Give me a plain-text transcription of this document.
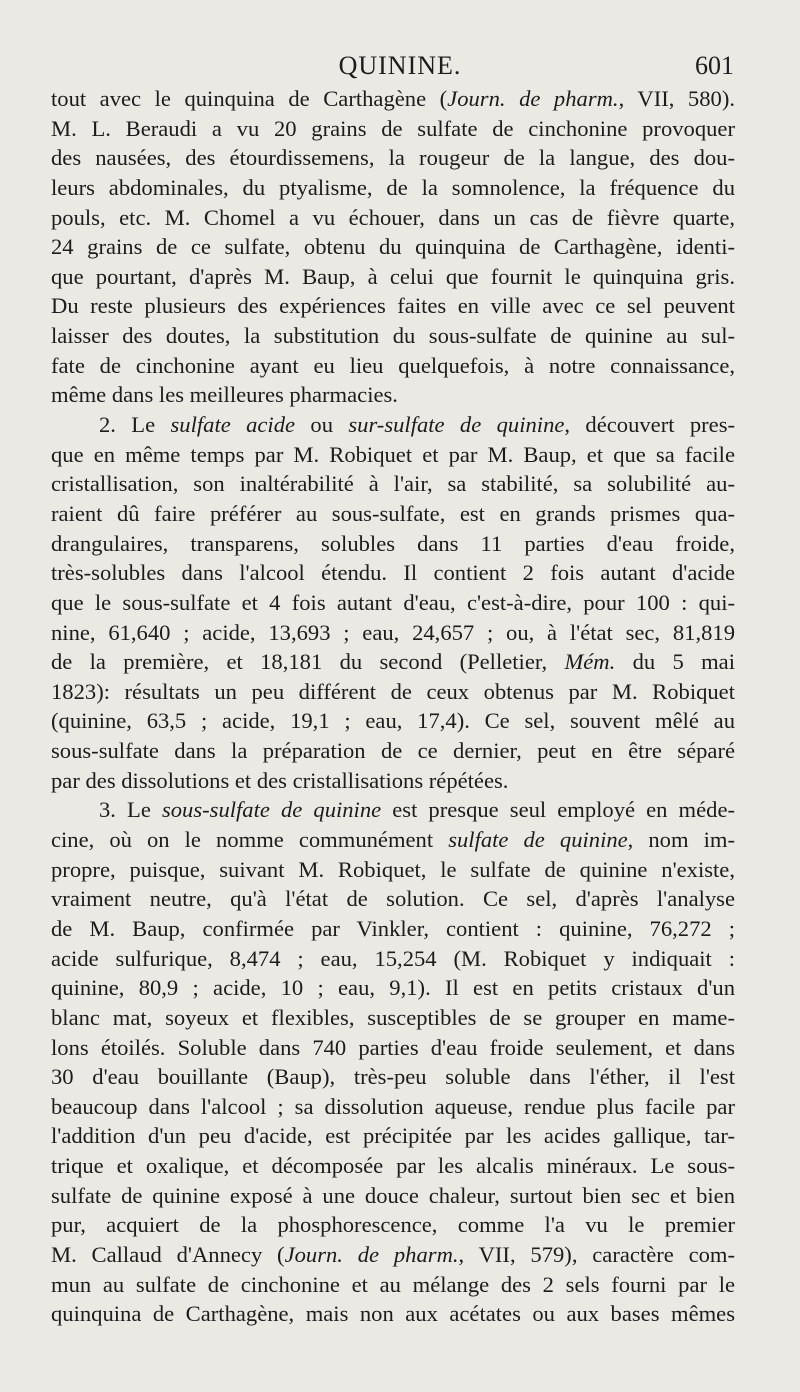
QUININE.	601
tout avec le quinquina de Carthagène (Journ. de pharm., VII, 580).
M. L. Beraudi a vu 20 grains de sulfate de cinchonine provoquer
des nausées, des étourdissemens, la rougeur de la langue, des dou-
leurs abdominales, du ptyalisme, de la somnolence, la fréquence du
pouls, etc. M. Chomel a vu échouer, dans un cas de fièvre quarte,
24 grains de ce sulfate, obtenu du quinquina de Carthagène, identi-
que pourtant, d'après M. Baup, à celui que fournit le quinquina gris.
Du reste plusieurs des expériences faites en ville avec ce sel peuvent
laisser des doutes, la substitution du sous-sulfate de quinine au sul-
fate de cinchonine ayant eu lieu quelquefois, à notre connaissance,
même dans les meilleures pharmacies.
2. Le sulfate acide ou sur-sulfate de quinine, découvert pres-
que en même temps par M. Robiquet et par M. Baup, et que sa facile
cristallisation, son inaltérabilité à l'air, sa stabilité, sa solubilité au-
raient dû faire préférer au sous-sulfate, est en grands prismes qua-
drangulaires, transparens, solubles dans 11 parties d'eau froide,
très-solubles dans l'alcool étendu. Il contient 2 fois autant d'acide
que le sous-sulfate et 4 fois autant d'eau, c'est-à-dire, pour 100 : qui-
nine, 61,640 ; acide, 13,693 ; eau, 24,657 ; ou, à l'état sec, 81,819
de la première, et 18,181 du second (Pelletier, Mém. du 5 mai
1823): résultats un peu différent de ceux obtenus par M. Robiquet
(quinine, 63,5 ; acide, 19,1 ; eau, 17,4). Ce sel, souvent mêlé au
sous-sulfate dans la préparation de ce dernier, peut en être séparé
par des dissolutions et des cristallisations répétées.
3. Le sous-sulfate de quinine est presque seul employé en méde-
cine, où on le nomme communément sulfate de quinine, nom im-
propre, puisque, suivant M. Robiquet, le sulfate de quinine n'existe,
vraiment neutre, qu'à l'état de solution. Ce sel, d'après l'analyse
de M. Baup, confirmée par Vinkler, contient : quinine, 76,272 ;
acide sulfurique, 8,474 ; eau, 15,254 (M. Robiquet y indiquait :
quinine, 80,9 ; acide, 10 ; eau, 9,1). Il est en petits cristaux d'un
blanc mat, soyeux et flexibles, susceptibles de se grouper en mame-
lons étoilés. Soluble dans 740 parties d'eau froide seulement, et dans
30 d'eau bouillante (Baup), très-peu soluble dans l'éther, il l'est
beaucoup dans l'alcool ; sa dissolution aqueuse, rendue plus facile par
l'addition d'un peu d'acide, est précipitée par les acides gallique, tar-
trique et oxalique, et décomposée par les alcalis minéraux. Le sous-
sulfate de quinine exposé à une douce chaleur, surtout bien sec et bien
pur, acquiert de la phosphorescence, comme l'a vu le premier
M. Callaud d'Annecy (Journ. de pharm., VII, 579), caractère com-
mun au sulfate de cinchonine et au mélange des 2 sels fourni par le
quinquina de Carthagène, mais non aux acétates ou aux bases mêmes
